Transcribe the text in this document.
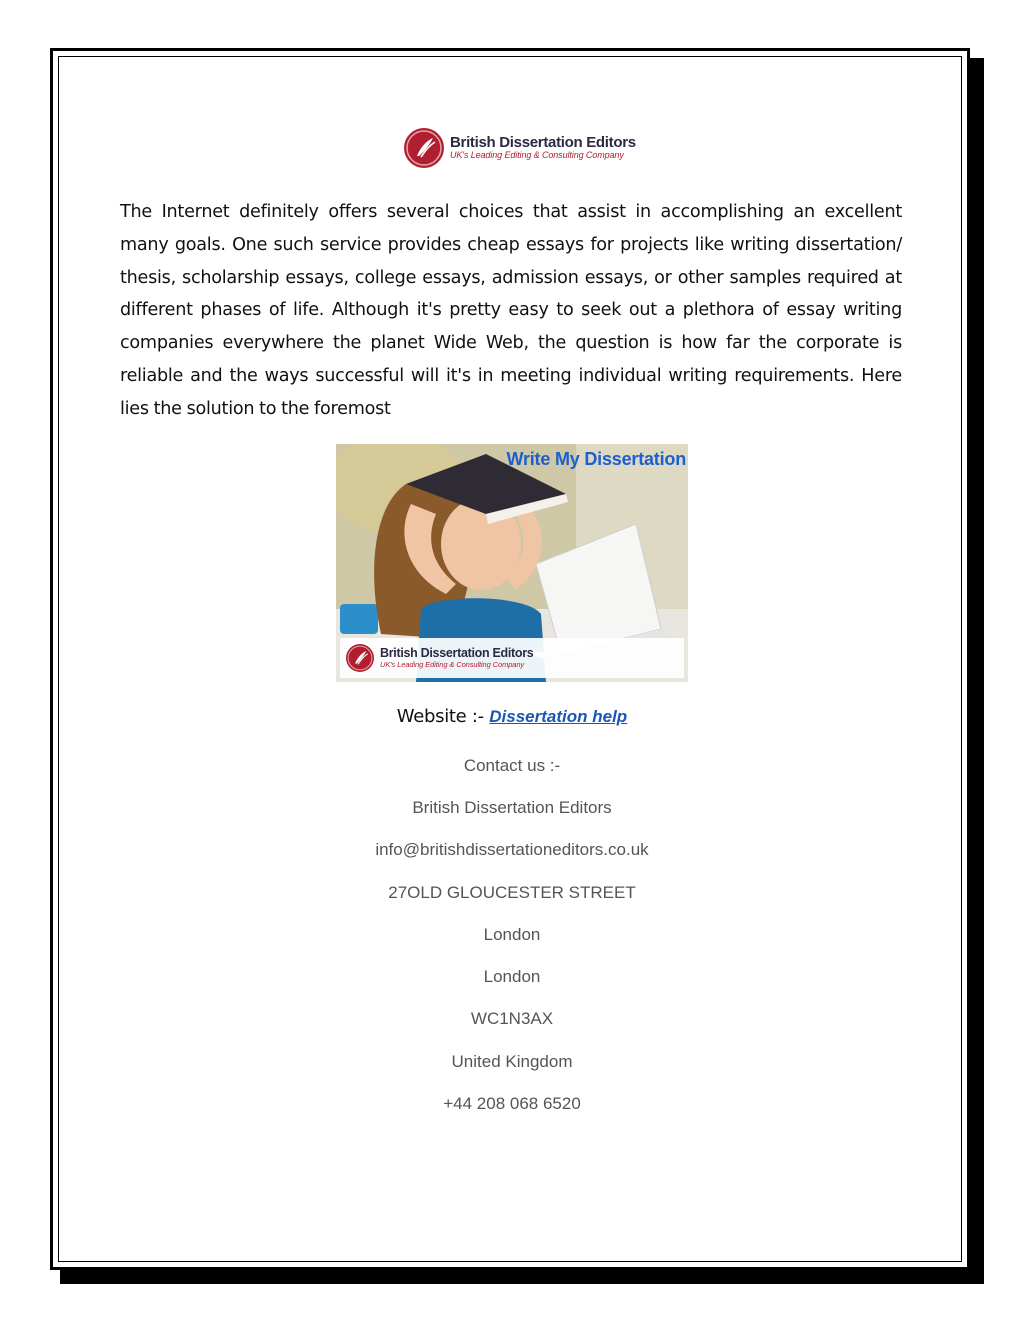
British Dissertation Editors
UK's Leading Editing & Consulting Company

The Internet definitely offers several choices that assist in accomplishing an excellent many goals. One such service provides cheap essays for projects like writing dissertation/ thesis, scholarship essays, college essays, admission essays, or other samples required at different phases of life. Although it's pretty easy to seek out a plethora of essay writing companies everywhere the planet Wide Web, the question is how far the corporate is reliable and the ways successful will it's in meeting individual writing requirements. Here lies the solution to the foremost

Write My Dissertation
British Dissertation Editors
UK's Leading Editing & Consulting Company
Website :- Dissertation help
Contact us :-
British Dissertation Editors
info@britishdissertationeditors.co.uk
27OLD GLOUCESTER STREET
London
London
WC1N3AX
United Kingdom
+44 208 068 6520
